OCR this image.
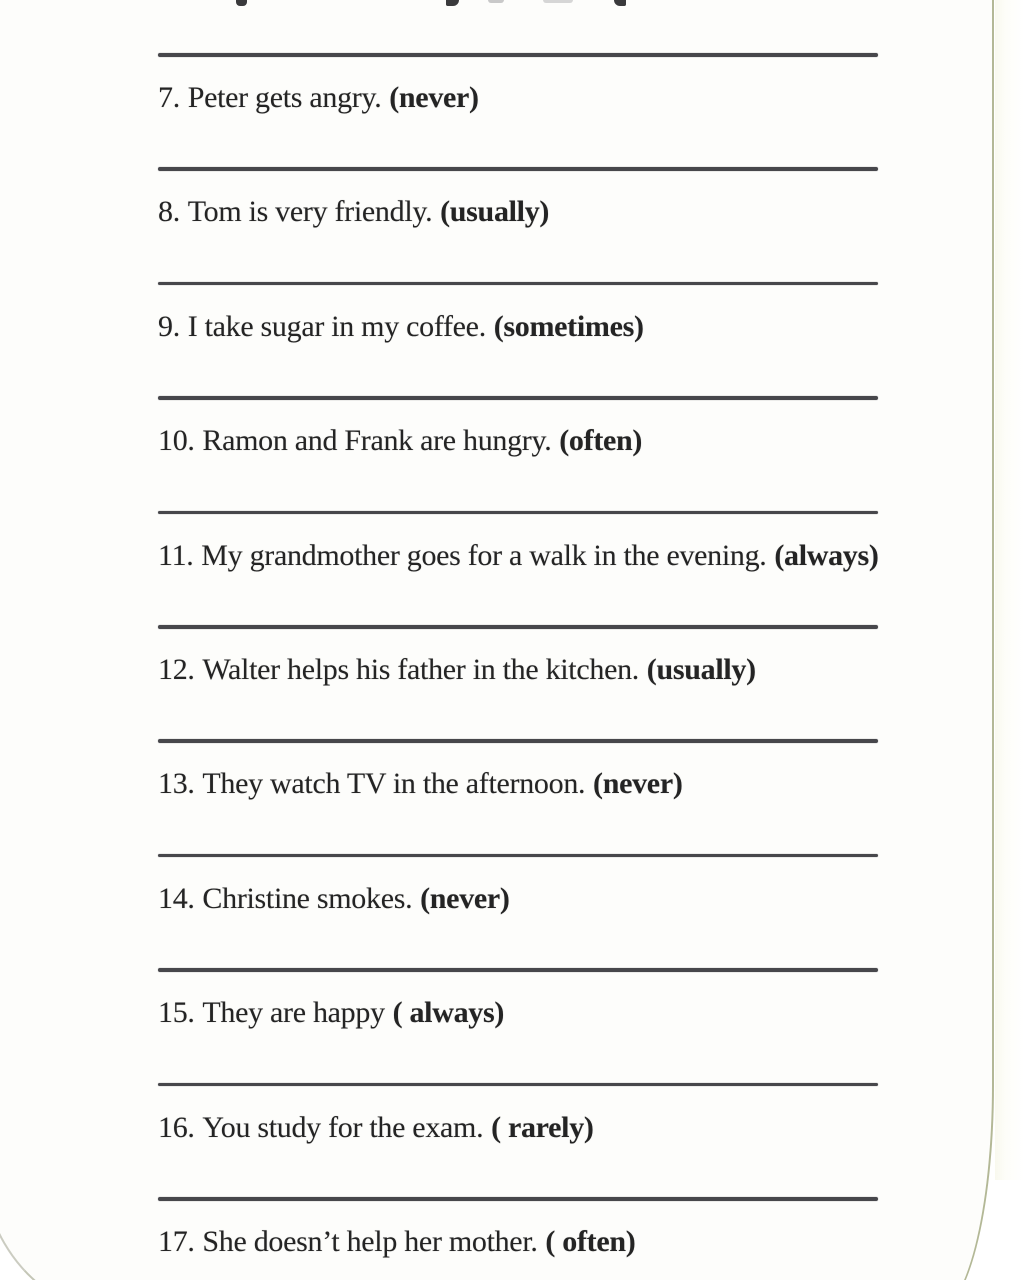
7. Peter gets angry. (never)
8. Tom is very friendly. (usually)
9. I take sugar in my coffee. (sometimes)
10. Ramon and Frank are hungry. (often)
11. My grandmother goes for a walk in the evening. (always)
12. Walter helps his father in the kitchen. (usually)
13. They watch TV in the afternoon. (never)
14. Christine smokes. (never)
15. They are happy ( always)
16. You study for the exam. ( rarely)
17. She doesn’t help her mother. ( often)
